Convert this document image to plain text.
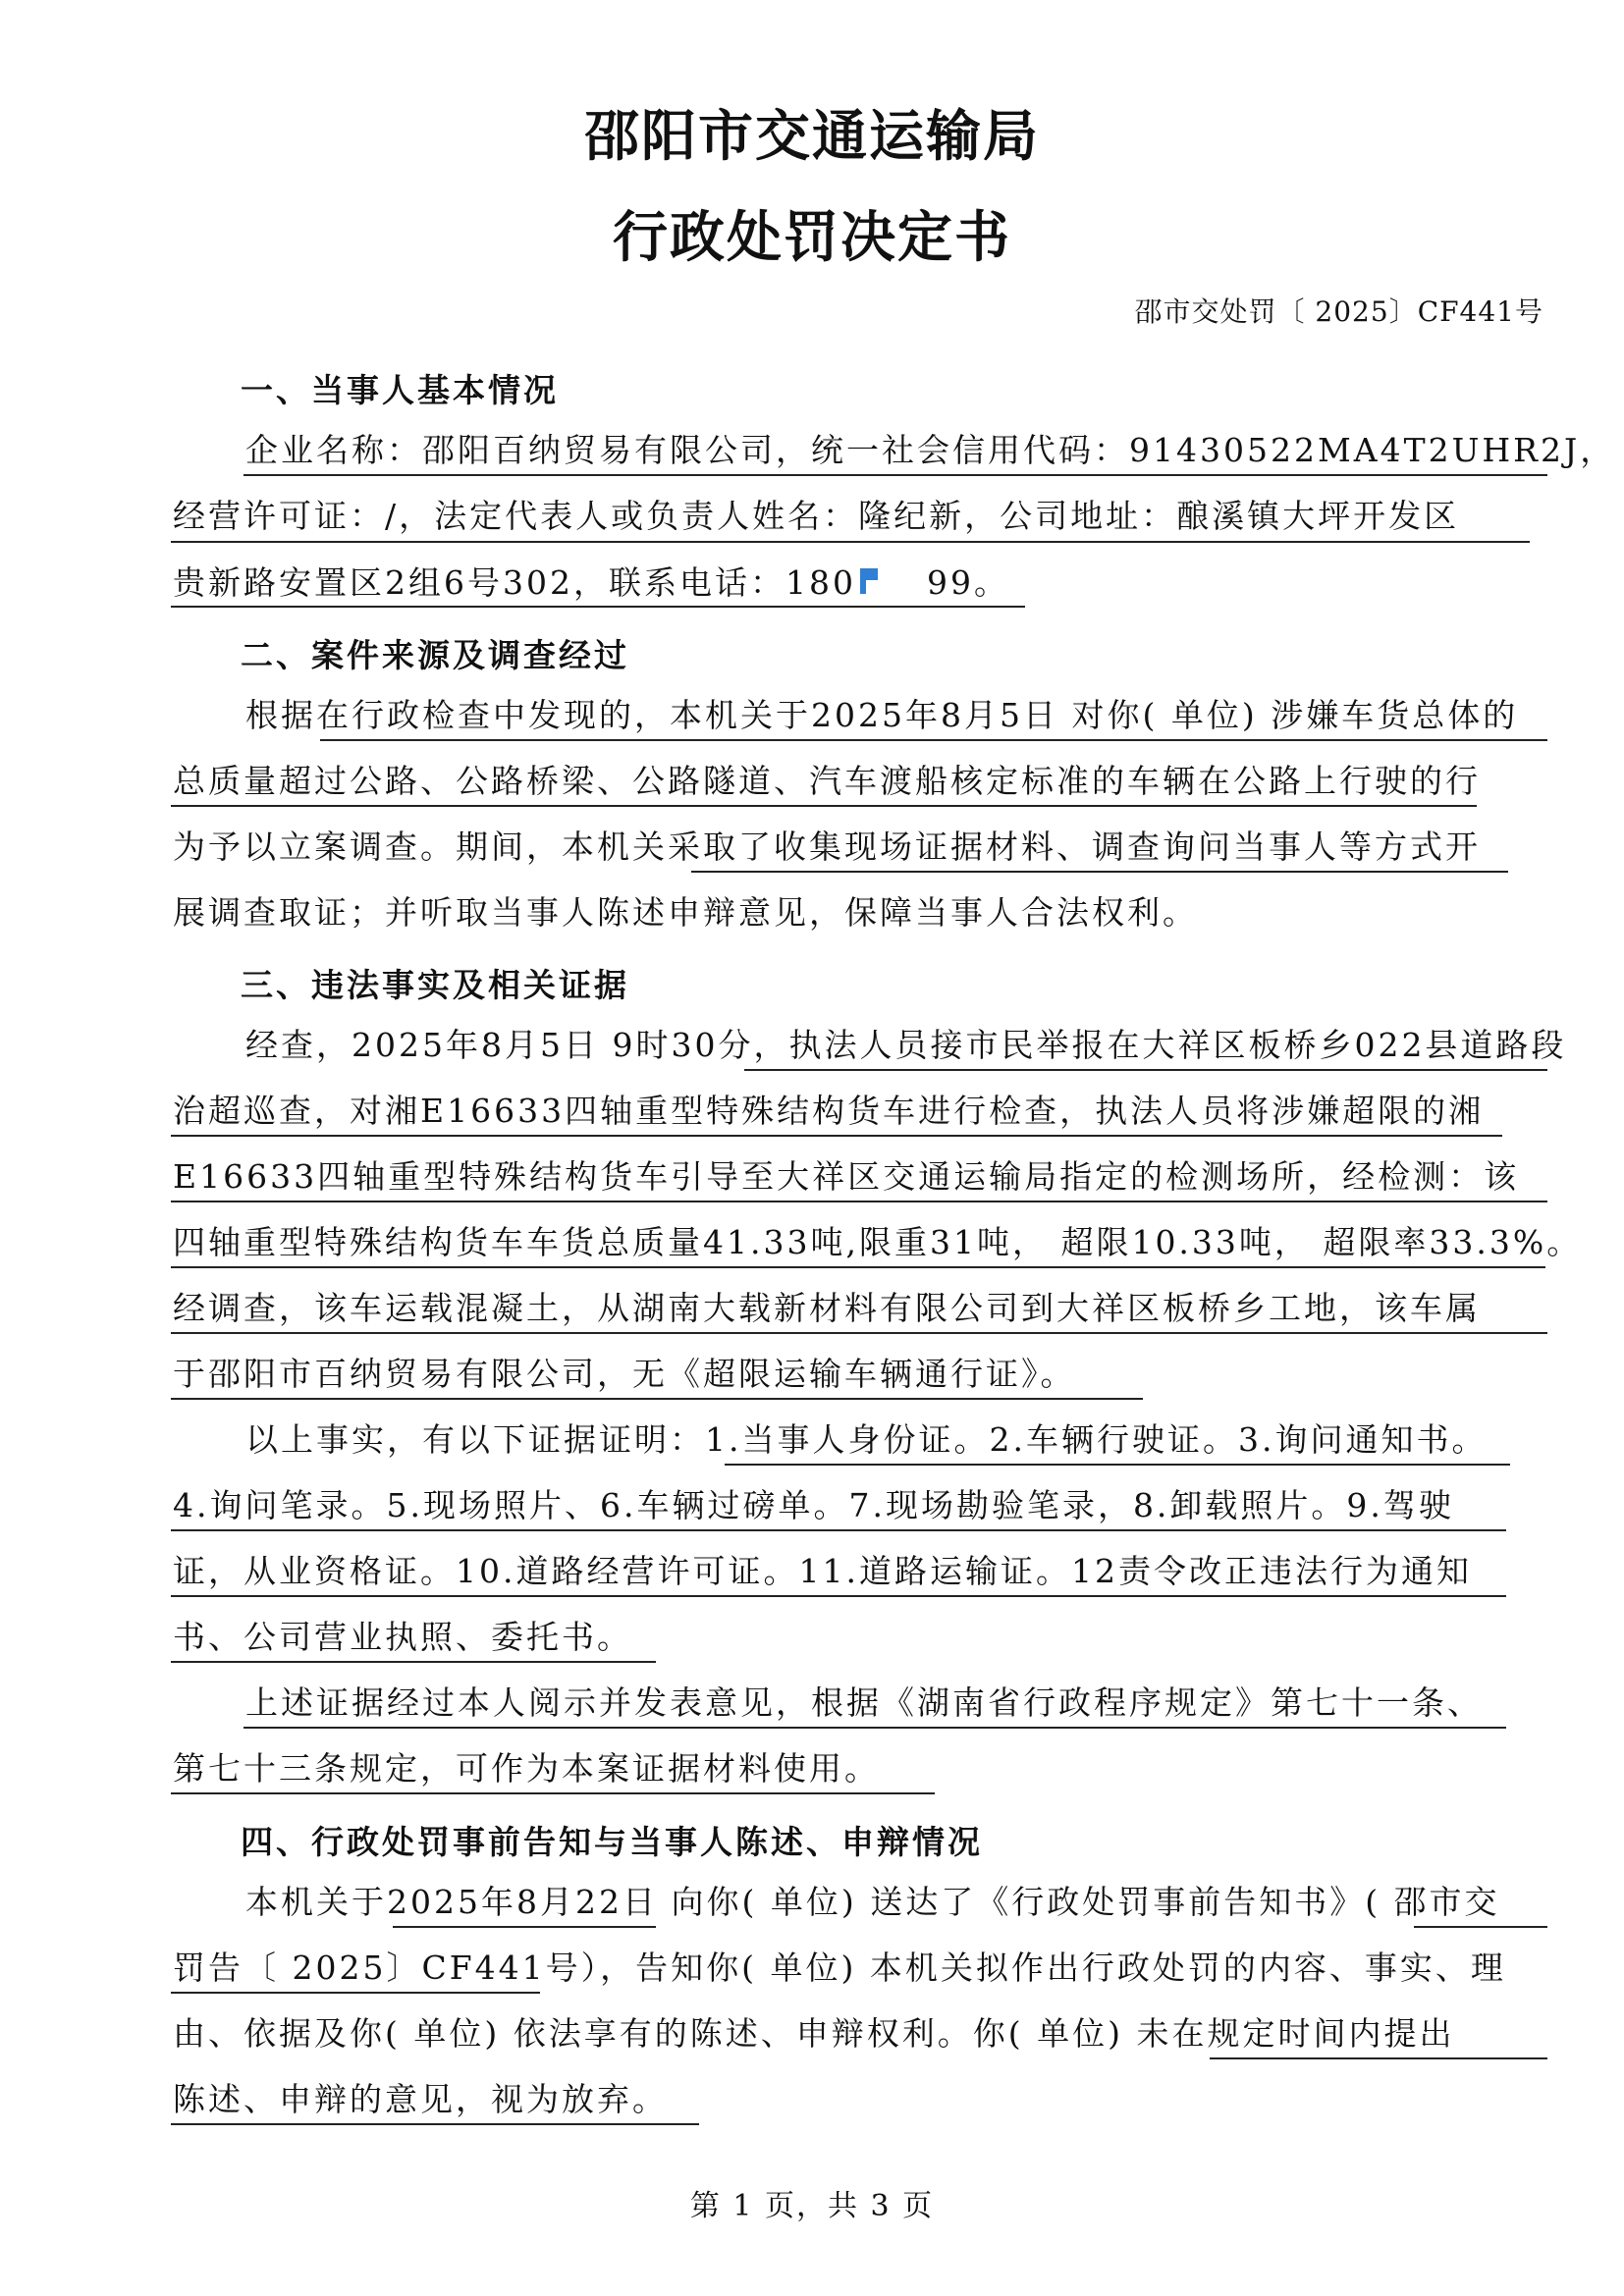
邵阳市交通运输局
行政处罚决定书
邵市交处罚〔 2025〕CF441号
一、当事人基本情况
企业名称：邵阳百纳贸易有限公司，统一社会信用代码：91430522MA4T2UHR2J，
经营许可证：/，法定代表人或负责人姓名：隆纪新，公司地址：酿溪镇大坪开发区
贵新路安置区2组6号302，联系电话：180 99。
二、案件来源及调查经过
根据在行政检查中发现的，本机关于2025年8月5日 对你( 单位) 涉嫌车货总体的
总质量超过公路、公路桥梁、公路隧道、汽车渡船核定标准的车辆在公路上行驶的行
为予以立案调查。期间，本机关采取了收集现场证据材料、调查询问当事人等方式开
展调查取证；并听取当事人陈述申辩意见，保障当事人合法权利。
三、违法事实及相关证据
经查，2025年8月5日 9时30分，执法人员接市民举报在大祥区板桥乡022县道路段
治超巡查，对湘E16633四轴重型特殊结构货车进行检查，执法人员将涉嫌超限的湘
E16633四轴重型特殊结构货车引导至大祥区交通运输局指定的检测场所，经检测：该
四轴重型特殊结构货车车货总质量41.33吨,限重31吨， 超限10.33吨， 超限率33.3%。
经调查，该车运载混凝土，从湖南大载新材料有限公司到大祥区板桥乡工地，该车属
于邵阳市百纳贸易有限公司，无《超限运输车辆通行证》。
以上事实，有以下证据证明：1.当事人身份证。2.车辆行驶证。3.询问通知书。
4.询问笔录。5.现场照片、6.车辆过磅单。7.现场勘验笔录，8.卸载照片。9.驾驶
证，从业资格证。10.道路经营许可证。11.道路运输证。12责令改正违法行为通知
书、公司营业执照、委托书。
上述证据经过本人阅示并发表意见，根据《湖南省行政程序规定》第七十一条、
第七十三条规定，可作为本案证据材料使用。
四、行政处罚事前告知与当事人陈述、申辩情况
本机关于2025年8月22日 向你( 单位) 送达了《行政处罚事前告知书》( 邵市交
罚告〔 2025〕CF441号），告知你( 单位) 本机关拟作出行政处罚的内容、事实、理
由、依据及你( 单位) 依法享有的陈述、申辩权利。你( 单位) 未在规定时间内提出
陈述、申辩的意见，视为放弃。
第 1 页，共 3 页
